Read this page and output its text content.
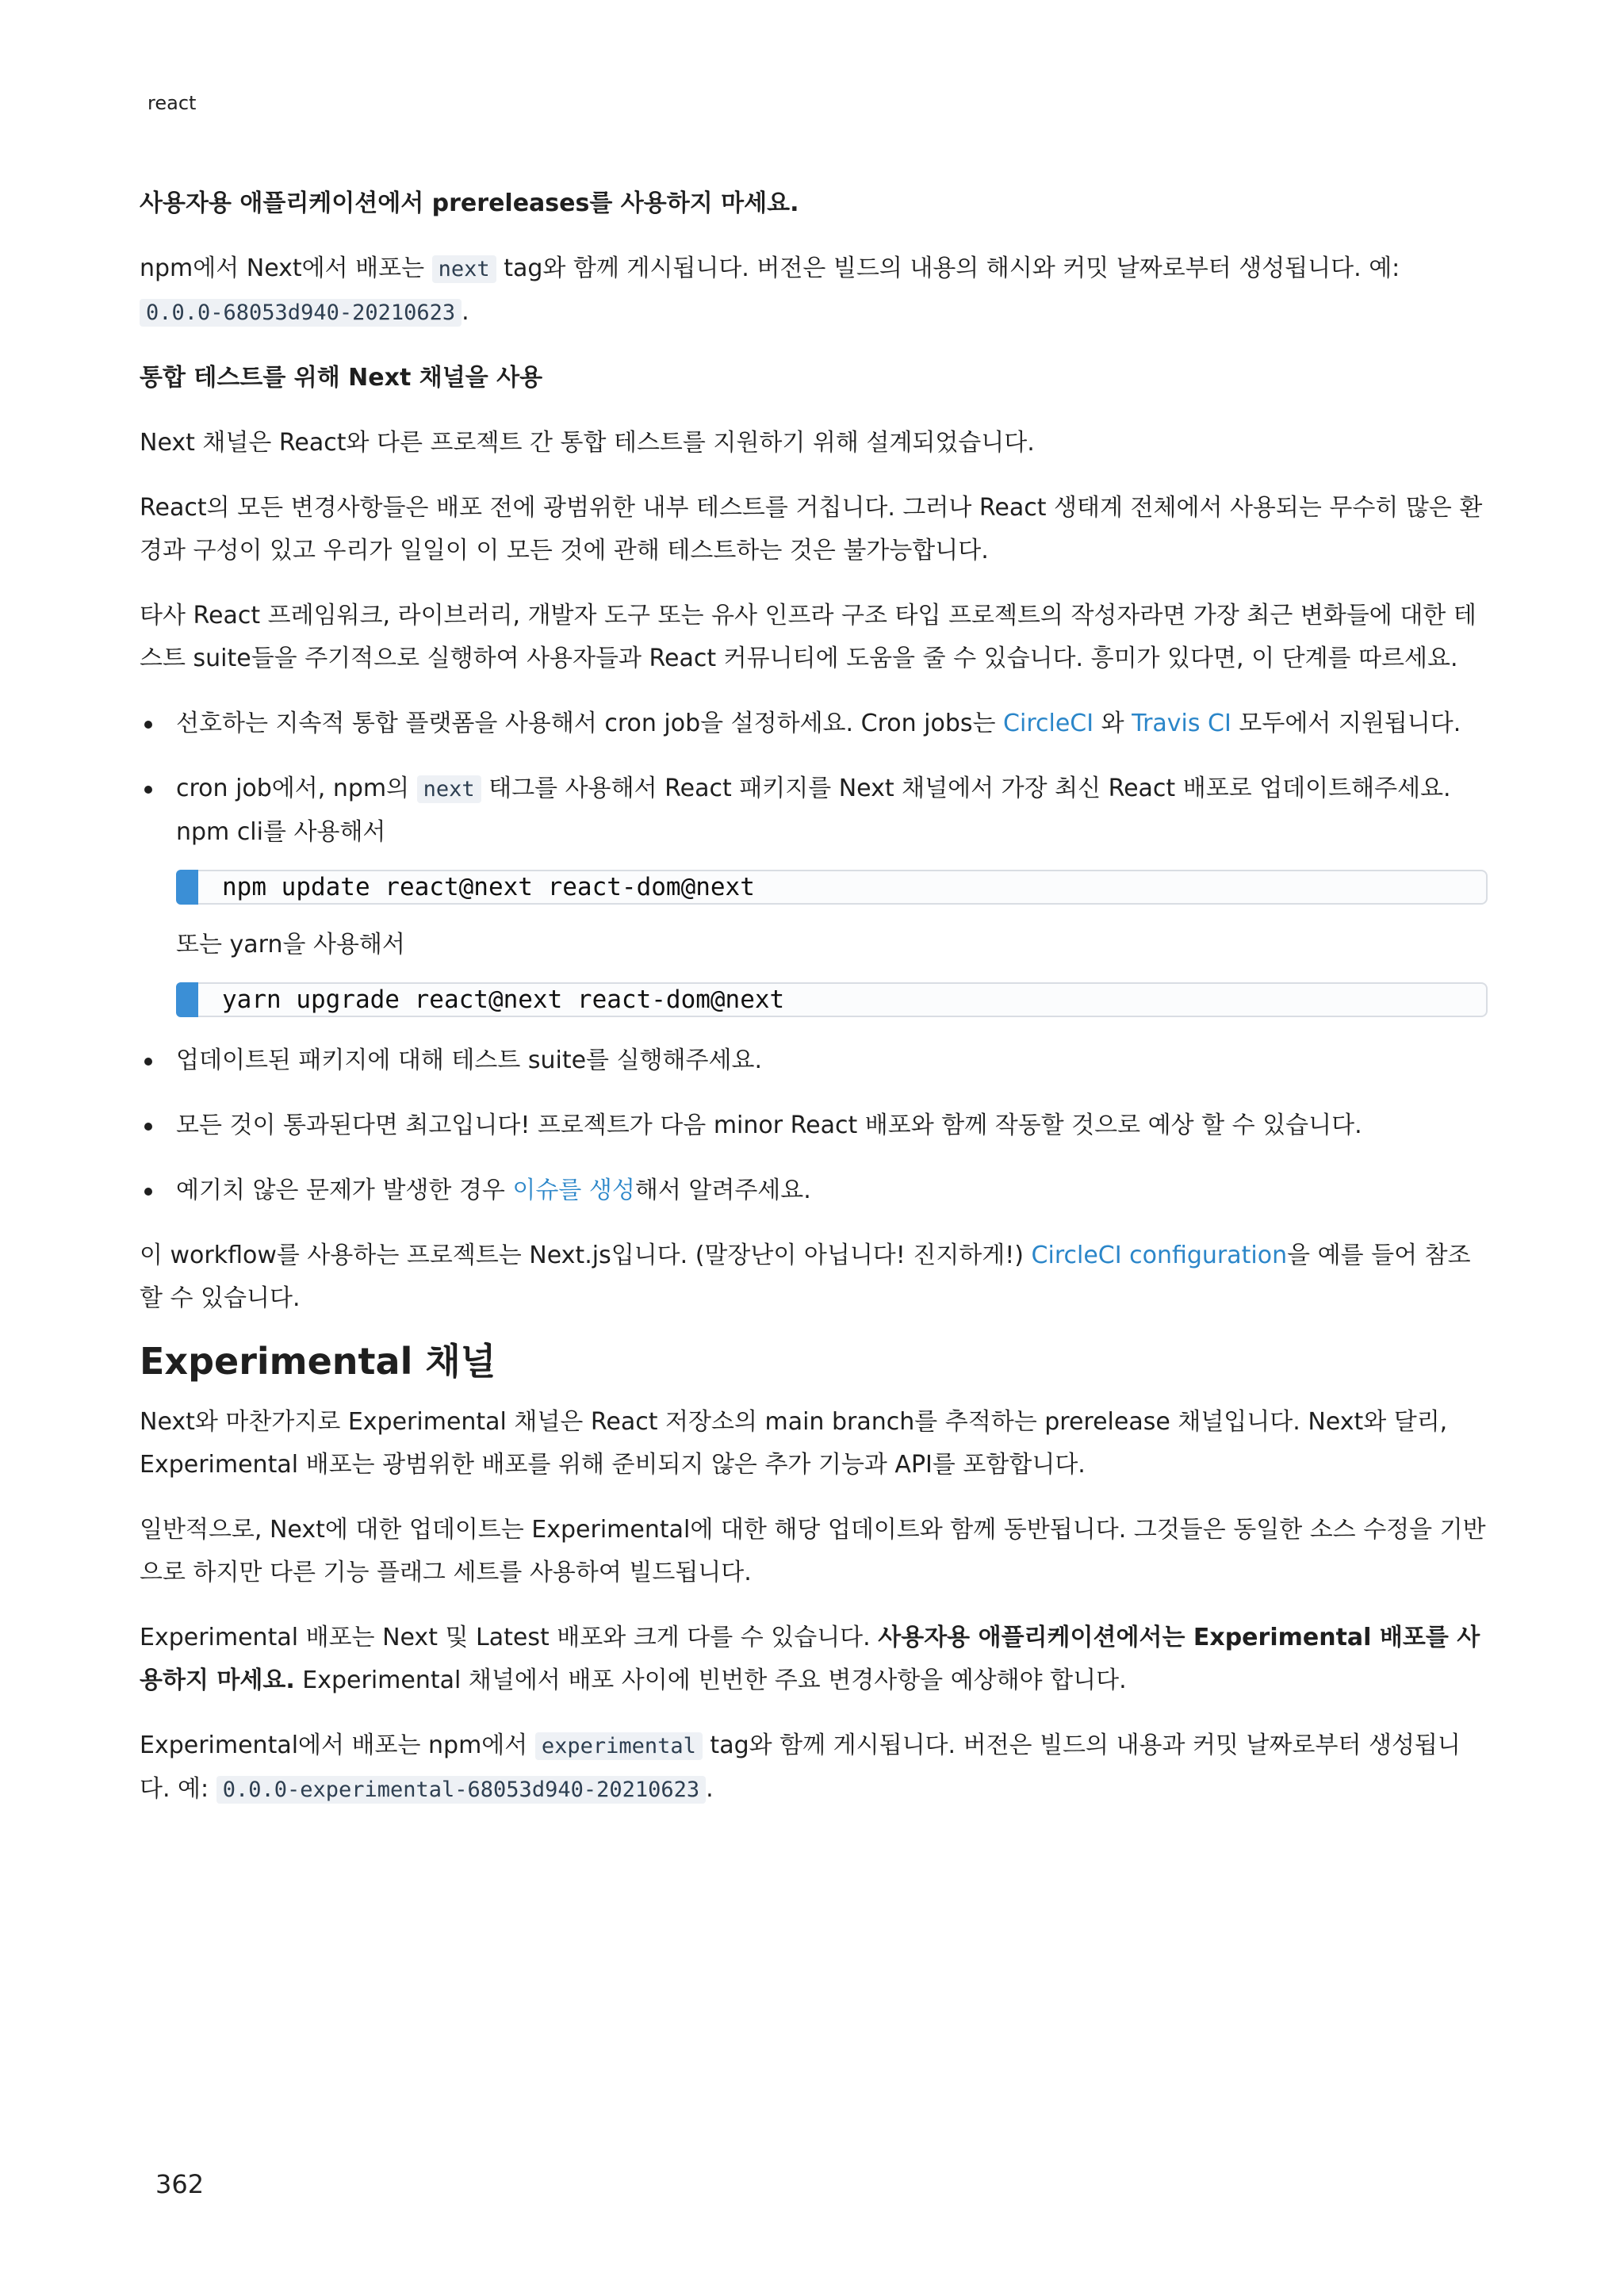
react

사용자용 애플리케이션에서 prereleases를 사용하지 마세요.

npm에서 Next에서 배포는 next tag와 함께 게시됩니다. 버전은 빌드의 내용의 해시와 커밋 날짜로부터 생성됩니다. 예: 0.0.0-68053d940-20210623 .

통합 테스트를 위해 Next 채널을 사용

Next 채널은 React와 다른 프로젝트 간 통합 테스트를 지원하기 위해 설계되었습니다.

React의 모든 변경사항들은 배포 전에 광범위한 내부 테스트를 거칩니다. 그러나 React 생태계 전체에서 사용되는 무수히 많은 환경과 구성이 있고 우리가 일일이 이 모든 것에 관해 테스트하는 것은 불가능합니다.

타사 React 프레임워크, 라이브러리, 개발자 도구 또는 유사 인프라 구조 타입 프로젝트의 작성자라면 가장 최근 변화들에 대한 테스트 suite들을 주기적으로 실행하여 사용자들과 React 커뮤니티에 도움을 줄 수 있습니다. 흥미가 있다면, 이 단계를 따르세요.

선호하는 지속적 통합 플랫폼을 사용해서 cron job을 설정하세요. Cron jobs는 CircleCI 와 Travis CI 모두에서 지원됩니다.
cron job에서, npm의 next 태그를 사용해서 React 패키지를 Next 채널에서 가장 최신 React 배포로 업데이트해주세요. npm cli를 사용해서
npm update react@next react-dom@next

또는 yarn을 사용해서

yarn upgrade react@next react-dom@next
업데이트된 패키지에 대해 테스트 suite를 실행해주세요.
모든 것이 통과된다면 최고입니다! 프로젝트가 다음 minor React 배포와 함께 작동할 것으로 예상 할 수 있습니다.
예기치 않은 문제가 발생한 경우 이슈를 생성해서 알려주세요.

이 workflow를 사용하는 프로젝트는 Next.js입니다. (말장난이 아닙니다! 진지하게!) CircleCI configuration을 예를 들어 참조할 수 있습니다.

Experimental 채널

Next와 마찬가지로 Experimental 채널은 React 저장소의 main branch를 추적하는 prerelease 채널입니다. Next와 달리, Experimental 배포는 광범위한 배포를 위해 준비되지 않은 추가 기능과 API를 포함합니다.

일반적으로, Next에 대한 업데이트는 Experimental에 대한 해당 업데이트와 함께 동반됩니다. 그것들은 동일한 소스 수정을 기반으로 하지만 다른 기능 플래그 세트를 사용하여 빌드됩니다.

Experimental 배포는 Next 및 Latest 배포와 크게 다를 수 있습니다. 사용자용 애플리케이션에서는 Experimental 배포를 사용하지 마세요. Experimental 채널에서 배포 사이에 빈번한 주요 변경사항을 예상해야 합니다.

Experimental에서 배포는 npm에서 experimental tag와 함께 게시됩니다. 버전은 빌드의 내용과 커밋 날짜로부터 생성됩니다. 예: 0.0.0-experimental-68053d940-20210623 .

362
